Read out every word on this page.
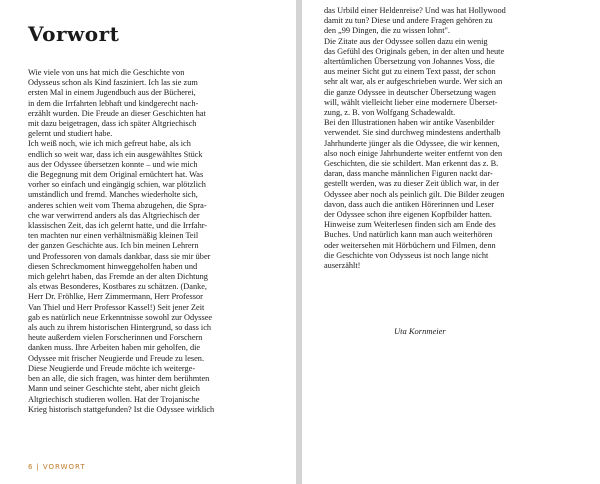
Vorwort
Wie viele von uns hat mich die Geschichte von
Odysseus schon als Kind fasziniert. Ich las sie zum
ersten Mal in einem Jugendbuch aus der Bücherei,
in dem die Irrfahrten lebhaft und kindgerecht nach-
erzählt wurden. Die Freude an dieser Geschichten hat
mit dazu beigetragen, dass ich später Altgriechisch
gelernt und studiert habe.
Ich weiß noch, wie ich mich gefreut habe, als ich
endlich so weit war, dass ich ein ausgewähltes Stück
aus der Odyssee übersetzen konnte – und wie mich
die Begegnung mit dem Original ernüchtert hat. Was
vorher so einfach und eingängig schien, war plötzlich
umständlich und fremd. Manches wiederholte sich,
anderes schien weit vom Thema abzugehen, die Spra-
che war verwirrend anders als das Altgriechisch der
klassischen Zeit, das ich gelernt hatte, und die Irrfahr-
ten machten nur einen verhältnismäßig kleinen Teil
der ganzen Geschichte aus. Ich bin meinen Lehrern
und Professoren von damals dankbar, dass sie mir über
diesen Schreckmoment hinweggeholfen haben und
mich gelehrt haben, das Fremde an der alten Dichtung
als etwas Besonderes, Kostbares zu schätzen. (Danke,
Herr Dr. Fröhlke, Herr Zimmermann, Herr Professor
Van Thiel und Herr Professor Kassel!) Seit jener Zeit
gab es natürlich neue Erkenntnisse sowohl zur Odyssee
als auch zu ihrem historischen Hintergrund, so dass ich
heute außerdem vielen Forscherinnen und Forschern
danken muss. Ihre Arbeiten haben mir geholfen, die
Odyssee mit frischer Neugierde und Freude zu lesen.
Diese Neugierde und Freude möchte ich weiterge-
ben an alle, die sich fragen, was hinter dem berühmten
Mann und seiner Geschichte steht, aber nicht gleich
Altgriechisch studieren wollen. Hat der Trojanische
Krieg historisch stattgefunden? Ist die Odyssee wirklich
6 | VORWORT
das Urbild einer Heldenreise? Und was hat Hollywood
damit zu tun? Diese und andere Fragen gehören zu
den „99 Dingen, die zu wissen lohnt".
Die Zitate aus der Odyssee sollen dazu ein wenig
das Gefühl des Originals geben, in der alten und heute
altertümlichen Übersetzung von Johannes Voss, die
aus meiner Sicht gut zu einem Text passt, der schon
sehr alt war, als er aufgeschrieben wurde. Wer sich an
die ganze Odyssee in deutscher Übersetzung wagen
will, wählt vielleicht lieber eine modernere Überset-
zung, z. B. von Wolfgang Schadewaldt.
Bei den Illustrationen haben wir antike Vasenbilder
verwendet. Sie sind durchweg mindestens anderthalb
Jahrhunderte jünger als die Odyssee, die wir kennen,
also noch einige Jahrhunderte weiter entfernt von den
Geschichten, die sie schildert. Man erkennt das z. B.
daran, dass manche männlichen Figuren nackt dar-
gestellt werden, was zu dieser Zeit üblich war, in der
Odyssee aber noch als peinlich gilt. Die Bilder zeugen
davon, dass auch die antiken Hörerinnen und Leser
der Odyssee schon ihre eigenen Kopfbilder hatten.
Hinweise zum Weiterlesen finden sich am Ende des
Buches. Und natürlich kann man auch weiterhören
oder weitersehen mit Hörbüchern und Filmen, denn
die Geschichte von Odysseus ist noch lange nicht
auserzählt!

Uta Kornmeier
